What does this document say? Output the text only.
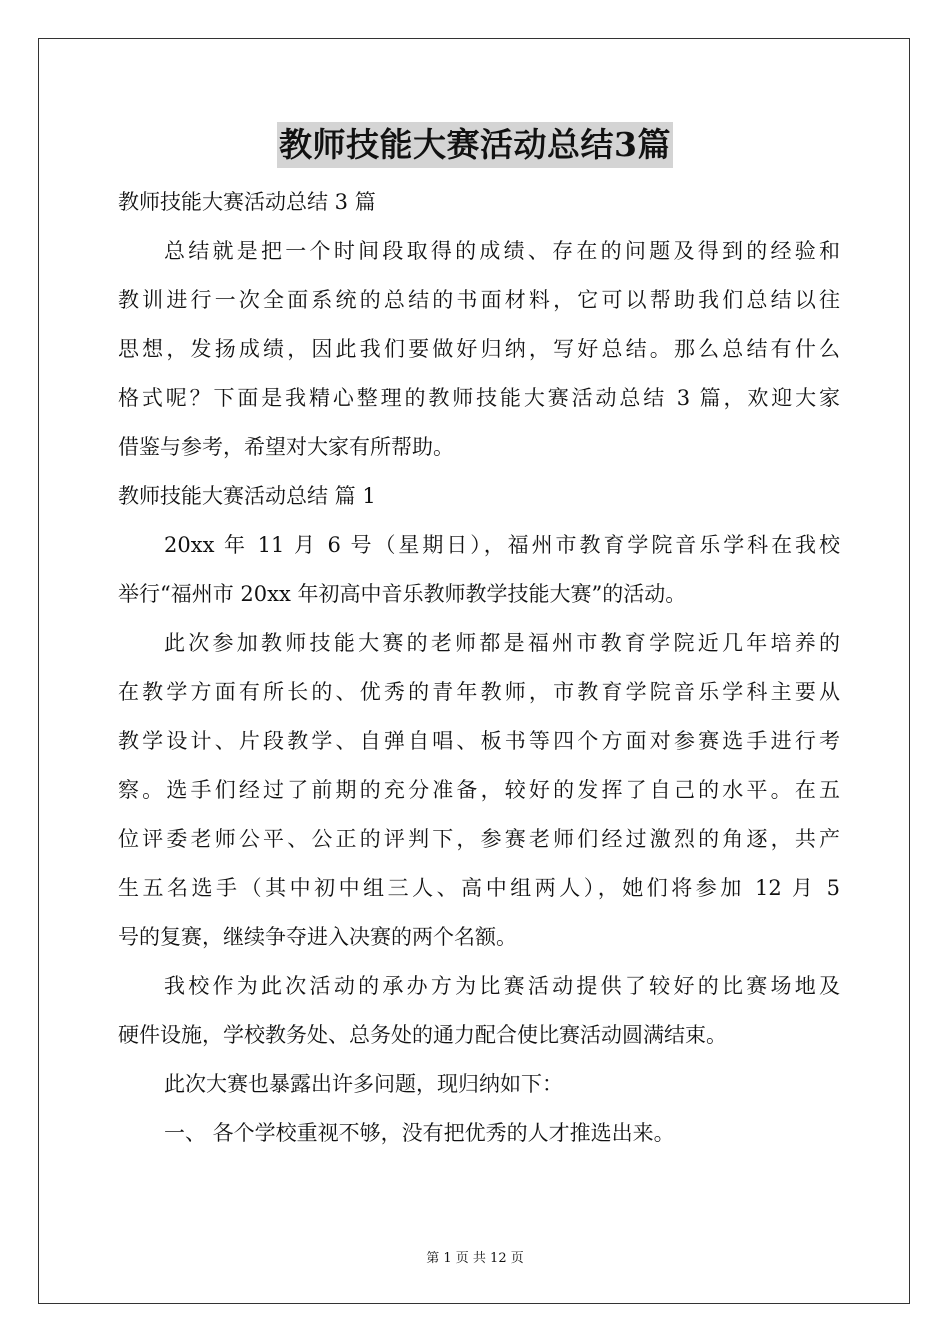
教师技能大赛活动总结3篇
教师技能大赛活动总结 3 篇
总结就是把一个时间段取得的成绩、存在的问题及得到的经验和
教训进行一次全面系统的总结的书面材料，它可以帮助我们总结以往
思想，发扬成绩，因此我们要做好归纳，写好总结。那么总结有什么
格式呢？下面是我精心整理的教师技能大赛活动总结 3 篇，欢迎大家
借鉴与参考，希望对大家有所帮助。
教师技能大赛活动总结 篇 1
20xx 年 11 月 6 号（星期日），福州市教育学院音乐学科在我校
举行“福州市 20xx 年初高中音乐教师教学技能大赛”的活动。
此次参加教师技能大赛的老师都是福州市教育学院近几年培养的
在教学方面有所长的、优秀的青年教师，市教育学院音乐学科主要从
教学设计、片段教学、自弹自唱、板书等四个方面对参赛选手进行考
察。选手们经过了前期的充分准备，较好的发挥了自己的水平。在五
位评委老师公平、公正的评判下，参赛老师们经过激烈的角逐，共产
生五名选手（其中初中组三人、高中组两人），她们将参加 12 月 5
号的复赛，继续争夺进入决赛的两个名额。
我校作为此次活动的承办方为比赛活动提供了较好的比赛场地及
硬件设施，学校教务处、总务处的通力配合使比赛活动圆满结束。
此次大赛也暴露出许多问题，现归纳如下：
一、 各个学校重视不够，没有把优秀的人才推选出来。
第 1 页 共 12 页
